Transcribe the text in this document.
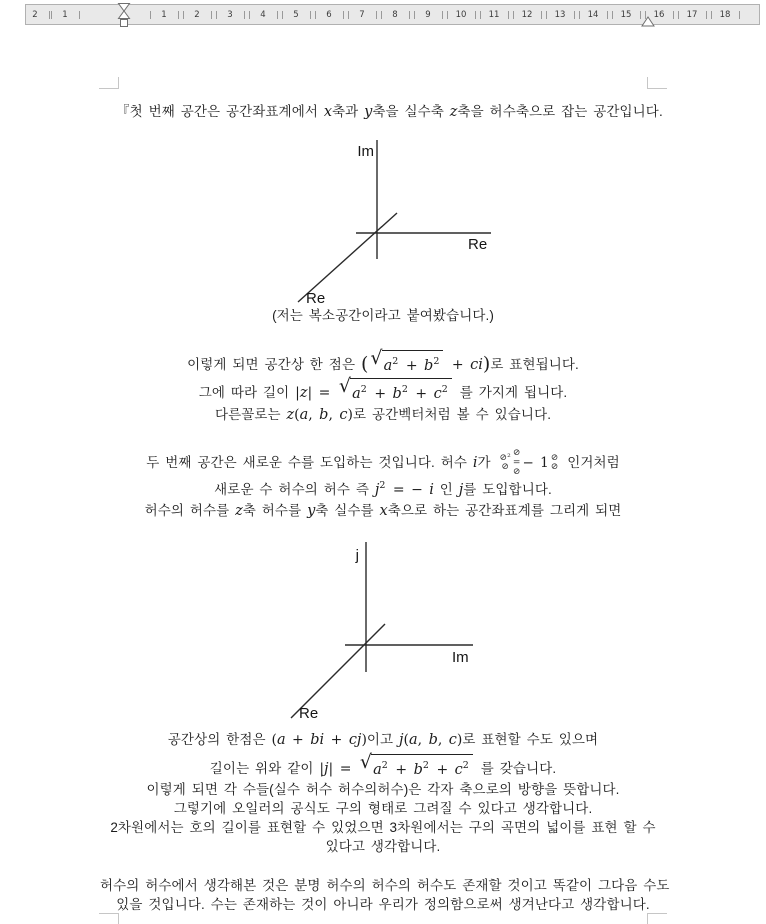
2	1	1	2	3	4	5	6	7	8	9	10	11	12	13	14	15	16	17	18
『첫 번째 공간은 공간좌표계에서 x축과 y축을 실수축 z축을 허수축으로 잡는 공간입니다.
Im
Re
Re
(저는 복소공간이라고 붙여봤습니다.)
이렇게 되면 공간상 한 점은 ( √ $a^2 + b^2 + ci$)로 표현됩니다.
그에 따라 길이 |z| = √ $a^2 + b^2 + c^2$ 를 가지게 됩니다.
다른꼴로는 z(a, b, c)로 공간벡터처럼 볼 수 있습니다.
두 번째 공간은 새로운 수를 도입하는 것입니다. 허수 i가 ⊘²
⊘
⊘
=
⊘
− 1 ⊘
⊘ 인거처럼
새로운 수 허수의 허수 즉 $j^2$ = − i 인 j를 도입합니다.
허수의 허수를 z축 허수를 y축 실수를 x축으로 하는 공간좌표계를 그리게 되면
j
Im
Re
공간상의 한점은 (a + bi + cj)이고 j(a, b, c)로 표현할 수도 있으며
길이는 위와 같이 |j| = √ $a^2 + b^2 + c^2$ 를 갖습니다.
이렇게 되면 각 수들(실수 허수 허수의허수)은 각자 축으로의 방향을 뜻합니다.
그렇기에 오일러의 공식도 구의 형태로 그려질 수 있다고 생각합니다.
2차원에서는 호의 길이를 표현할 수 있었으면 3차원에서는 구의 곡면의 넓이를 표현 할 수
있다고 생각합니다.
허수의 허수에서 생각해본 것은 분명 허수의 허수의 허수도 존재할 것이고 똑같이 그다음 수도
있을 것입니다. 수는 존재하는 것이 아니라 우리가 정의함으로써 생겨난다고 생각합니다.
